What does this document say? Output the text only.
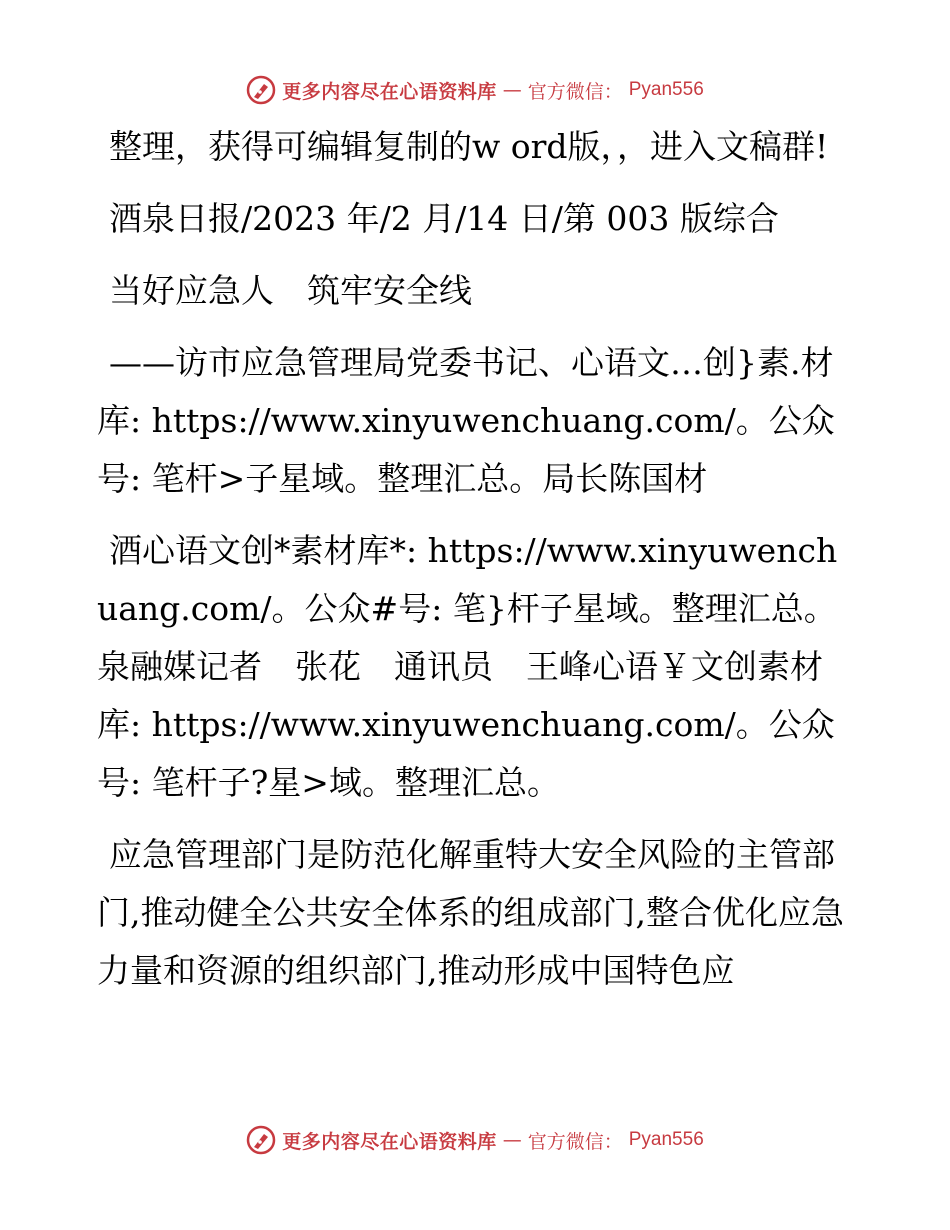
更多内容尽在心语资料库 — 官方微信： Pyan556

整理，获得可编辑复制的w ord版，，进入文稿群!

酒泉日报/2023 年/2 月/14 日/第 003 版综合

当好应急人　筑牢安全线

——访市应急管理局党委书记、心语文…创}素.材库: https://www.xinyuwenchuang.com/。公众号: 笔杆>子星域。整理汇总。局长陈国材

酒心语文创*素材库*: https://www.xinyuwenchuang.com/。公众#号: 笔}杆子星域。整理汇总。泉融媒记者　张花　通讯员　王峰心语￥文创素材库: https://www.xinyuwenchuang.com/。公众号: 笔杆子?星>域。整理汇总。

应急管理部门是防范化解重特大安全风险的主管部门,推动健全公共安全体系的组成部门,整合优化应急力量和资源的组织部门,推动形成中国特色应

更多内容尽在心语资料库 — 官方微信： Pyan556
